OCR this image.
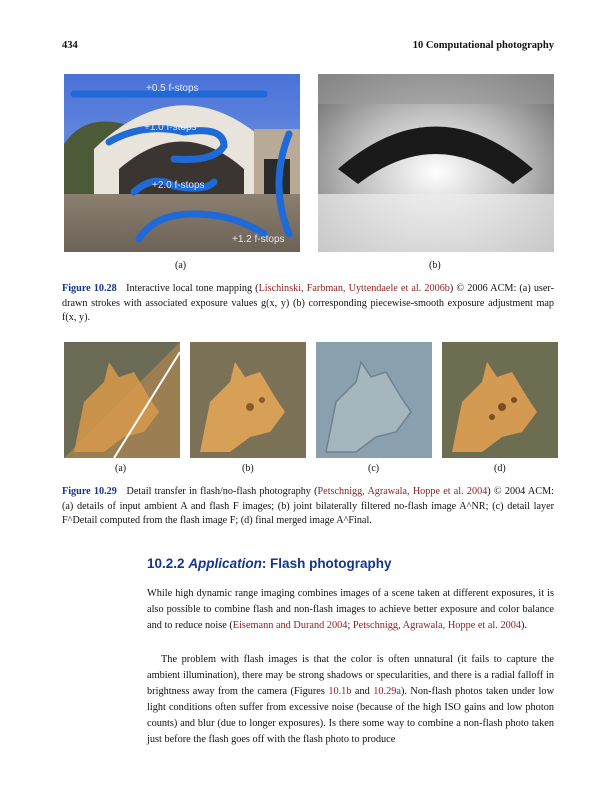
434	10 Computational photography
+0.5 f-stops
+1.0 f-stops
+2.0 f-stops
+1.2 f-stops
(a)	(b)
Figure 10.28 Interactive local tone mapping (Lischinski, Farbman, Uyttendaele et al. 2006b) © 2006 ACM: (a) user-drawn strokes with associated exposure values g(x, y) (b) corresponding piecewise-smooth exposure adjustment map f(x, y).
(a)	(b)	(c)	(d)
Figure 10.29 Detail transfer in flash/no-flash photography (Petschnigg, Agrawala, Hoppe et al. 2004) © 2004 ACM: (a) details of input ambient A and flash F images; (b) joint bilaterally filtered no-flash image A^NR; (c) detail layer F^Detail computed from the flash image F; (d) final merged image A^Final.
10.2.2 Application: Flash photography
While high dynamic range imaging combines images of a scene taken at different exposures, it is also possible to combine flash and non-flash images to achieve better exposure and color balance and to reduce noise (Eisemann and Durand 2004; Petschnigg, Agrawala, Hoppe et al. 2004).
The problem with flash images is that the color is often unnatural (it fails to capture the ambient illumination), there may be strong shadows or specularities, and there is a radial falloff in brightness away from the camera (Figures 10.1b and 10.29a). Non-flash photos taken under low light conditions often suffer from excessive noise (because of the high ISO gains and low photon counts) and blur (due to longer exposures). Is there some way to combine a non-flash photo taken just before the flash goes off with the flash photo to produce
